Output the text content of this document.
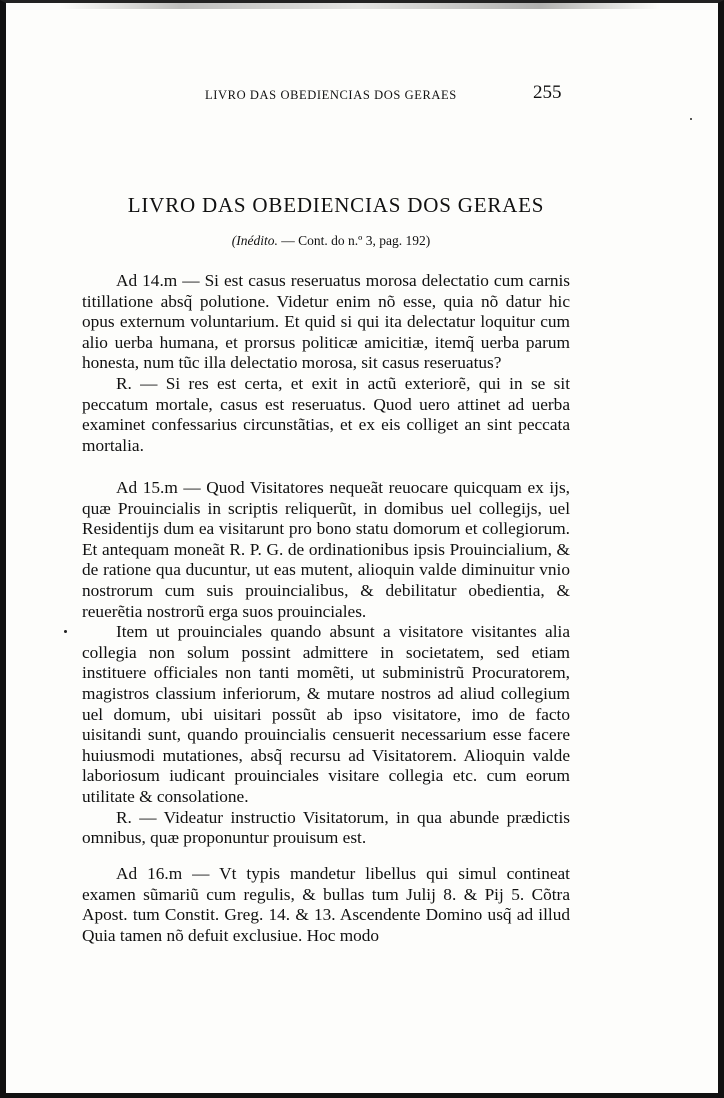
LIVRO DAS OBEDIENCIAS DOS GERAES	255
LIVRO DAS OBEDIENCIAS DOS GERAES
(Inédito. — Cont. do n.º 3, pag. 192)

Ad 14.m — Si est casus reseruatus morosa delectatio cum carnis titillatione absq̃ polutione. Videtur enim nõ esse, quia nõ datur hic opus externum voluntarium. Et quid si qui ita delectatur loquitur cum alio uerba humana, et prorsus politicæ amicitiæ, itemq̃ uerba parum honesta, num tũc illa delectatio morosa, sit casus reseruatus?

R. — Si res est certa, et exit in actũ exteriorẽ, qui in se sit peccatum mortale, casus est reseruatus. Quod uero attinet ad uerba examinet confessarius circunstãtias, et ex eis colliget an sint peccata mortalia.

Ad 15.m — Quod Visitatores nequeãt reuocare quicquam ex ijs, quæ Prouincialis in scriptis reliquerũt, in domibus uel collegijs, uel Residentijs dum ea visitarunt pro bono statu domorum et collegiorum. Et antequam moneãt R. P. G. de ordinationibus ipsis Prouincialium, & de ratione qua ducuntur, ut eas mutent, alioquin valde diminuitur vnio nostrorum cum suis prouincialibus, & debilitatur obedientia, & reuerẽtia nostrorũ erga suos prouinciales.

Item ut prouinciales quando absunt a visitatore visitantes alia collegia non solum possint admittere in societatem, sed etiam instituere officiales non tanti momẽti, ut subministrũ Procuratorem, magistros classium inferiorum, & mutare nostros ad aliud collegium uel domum, ubi uisitari possũt ab ipso visitatore, imo de facto uisitandi sunt, quando prouincialis censuerit necessarium esse facere huiusmodi mutationes, absq̃ recursu ad Visitatorem. Alioquin valde laboriosum iudicant prouinciales visitare collegia etc. cum eorum utilitate & consolatione.

R. — Videatur instructio Visitatorum, in qua abunde prædictis omnibus, quæ proponuntur prouisum est.

Ad 16.m — Vt typis mandetur libellus qui simul contineat examen sũmariũ cum regulis, & bullas tum Julij 8. & Pij 5. Cõtra Apost. tum Constit. Greg. 14. & 13. Ascendente Domino usq̃ ad illud Quia tamen nõ defuit exclusiue. Hoc modo
